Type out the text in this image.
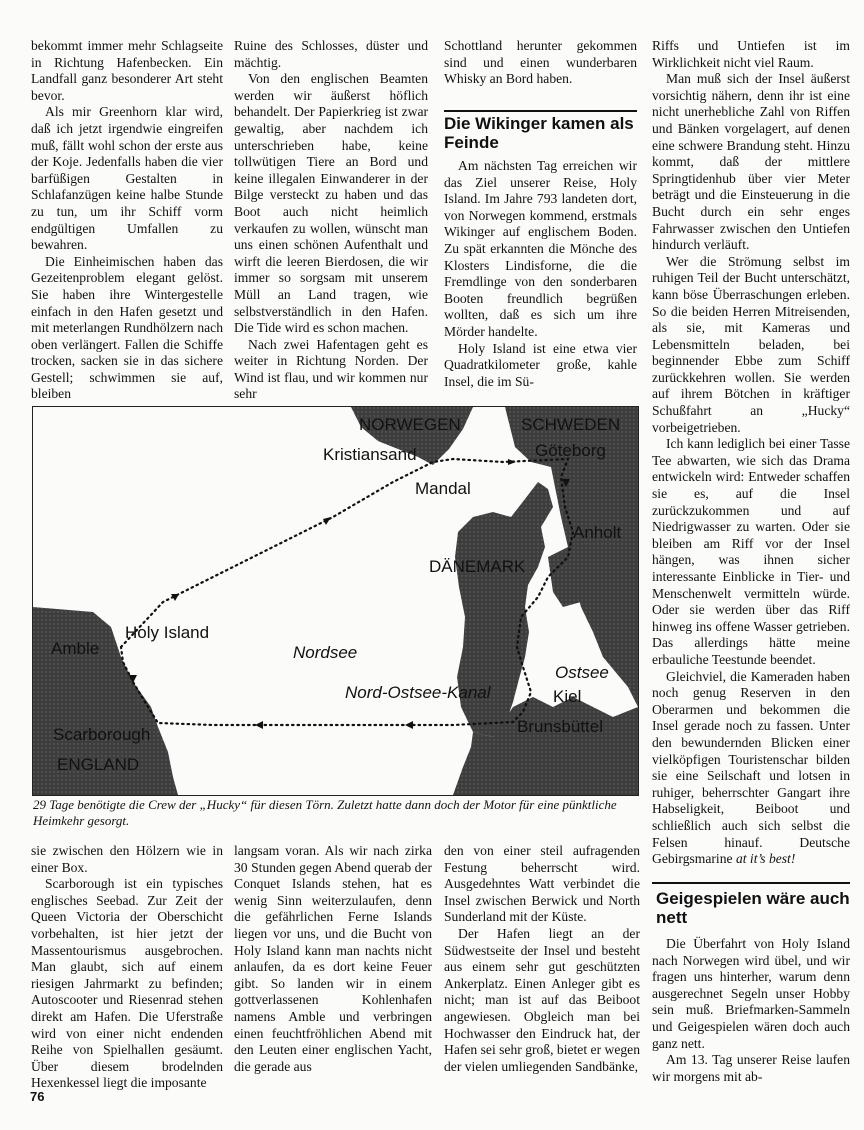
bekommt immer mehr Schlagseite in Richtung Hafenbecken. Ein Landfall ganz besonderer Art steht bevor.

Als mir Greenhorn klar wird, daß ich jetzt irgendwie eingreifen muß, fällt wohl schon der erste aus der Koje. Jedenfalls haben die vier barfüßigen Gestalten in Schlafanzügen keine halbe Stunde zu tun, um ihr Schiff vorm endgültigen Umfallen zu bewahren.

Die Einheimischen haben das Gezeitenproblem elegant gelöst. Sie haben ihre Wintergestelle einfach in den Hafen gesetzt und mit meterlangen Rundhölzern nach oben verlängert. Fallen die Schiffe trocken, sacken sie in das sichere Gestell; schwimmen sie auf, bleiben

Ruine des Schlosses, düster und mächtig.

Von den englischen Beamten werden wir äußerst höflich behandelt. Der Papierkrieg ist zwar gewaltig, aber nachdem ich unterschrieben habe, keine tollwütigen Tiere an Bord und keine illegalen Einwanderer in der Bilge versteckt zu haben und das Boot auch nicht heimlich verkaufen zu wollen, wünscht man uns einen schönen Aufenthalt und wirft die leeren Bierdosen, die wir immer so sorgsam mit unserem Müll an Land tragen, wie selbstverständlich in den Hafen. Die Tide wird es schon machen.

Nach zwei Hafentagen geht es weiter in Richtung Norden. Der Wind ist flau, und wir kommen nur sehr

Schottland herunter gekommen sind und einen wunderbaren Whisky an Bord haben.

Die Wikinger kamen als Feinde

Am nächsten Tag erreichen wir das Ziel unserer Reise, Holy Island. Im Jahre 793 landeten dort, von Norwegen kommend, erstmals Wikinger auf englischem Boden. Zu spät erkannten die Mönche des Klosters Lindisforne, die die Fremdlinge von den sonderbaren Booten freundlich begrüßen wollten, daß es sich um ihre Mörder handelte.

Holy Island ist eine etwa vier Quadratkilometer große, kahle Insel, die im Sü-

Riffs und Untiefen ist im Wirklichkeit nicht viel Raum.

Man muß sich der Insel äußerst vorsichtig nähern, denn ihr ist eine nicht unerhebliche Zahl von Riffen und Bänken vorgelagert, auf denen eine schwere Brandung steht. Hinzu kommt, daß der mittlere Springtidenhub über vier Meter beträgt und die Einsteuerung in die Bucht durch ein sehr enges Fahrwasser zwischen den Untiefen hindurch verläuft.

Wer die Strömung selbst im ruhigen Teil der Bucht unterschätzt, kann böse Überraschungen erleben. So die beiden Herren Mitreisenden, als sie, mit Kameras und Lebensmitteln beladen, bei beginnender Ebbe zum Schiff zurückkehren wollen. Sie werden auf ihrem Bötchen in kräftiger Schußfahrt an „Hucky“ vorbeigetrieben.

Ich kann lediglich bei einer Tasse Tee abwarten, wie sich das Drama entwickeln wird: Entweder schaffen sie es, auf die Insel zurückzukommen und auf Niedrigwasser zu warten. Oder sie bleiben am Riff vor der Insel hängen, was ihnen sicher interessante Einblicke in Tier- und Menschenwelt vermitteln würde. Oder sie werden über das Riff hinweg ins offene Wasser getrieben. Das allerdings hätte meine erbauliche Teestunde beendet.

Gleichviel, die Kameraden haben noch genug Reserven in den Oberarmen und bekommen die Insel gerade noch zu fassen. Unter den bewundernden Blicken einer vielköpfigen Touristenschar bilden sie eine Seilschaft und lotsen in ruhiger, beherrschter Gangart ihre Habseligkeit, Beiboot und schließlich auch sich selbst die Felsen hinauf. Deutsche Gebirgsmarine at it’s best!

Geigespielen wäre auch nett

Die Überfahrt von Holy Island nach Norwegen wird übel, und wir fragen uns hinterher, warum denn ausgerechnet Segeln unser Hobby sein muß. Briefmarken-Sammeln und Geigespielen wären doch auch ganz nett.

Am 13. Tag unserer Reise laufen wir morgens mit ab-

NORWEGEN	SCHWEDEN
Kristiansand	Göteborg
Mandal
Anholt
DÄNEMARK
Holy Island
Amble	Nordsee
Ostsee
Nord-Ostsee-Kanal	Kiel
Brunsbüttel
Scarborough
ENGLAND
29 Tage benötigte die Crew der „Hucky“ für diesen Törn. Zuletzt hatte dann doch der Motor für eine pünktliche Heimkehr gesorgt.

sie zwischen den Hölzern wie in einer Box.

Scarborough ist ein typisches englisches Seebad. Zur Zeit der Queen Victoria der Oberschicht vorbehalten, ist hier jetzt der Massentourismus ausgebrochen. Man glaubt, sich auf einem riesigen Jahrmarkt zu befinden; Autoscooter und Riesenrad stehen direkt am Hafen. Die Uferstraße wird von einer nicht endenden Reihe von Spielhallen gesäumt. Über diesem brodelnden Hexenkessel liegt die imposante

langsam voran. Als wir nach zirka 30 Stunden gegen Abend querab der Conquet Islands stehen, hat es wenig Sinn weiterzulaufen, denn die gefährlichen Ferne Islands liegen vor uns, und die Bucht von Holy Island kann man nachts nicht anlaufen, da es dort keine Feuer gibt. So landen wir in einem gottverlassenen Kohlenhafen namens Amble und verbringen einen feuchtfröhlichen Abend mit den Leuten einer englischen Yacht, die gerade aus

den von einer steil aufragenden Festung beherrscht wird. Ausgedehntes Watt verbindet die Insel zwischen Berwick und North Sunderland mit der Küste.

Der Hafen liegt an der Südwestseite der Insel und besteht aus einem sehr gut geschützten Ankerplatz. Einen Anleger gibt es nicht; man ist auf das Beiboot angewiesen. Obgleich man bei Hochwasser den Eindruck hat, der Hafen sei sehr groß, bietet er wegen der vielen umliegenden Sandbänke,

76
